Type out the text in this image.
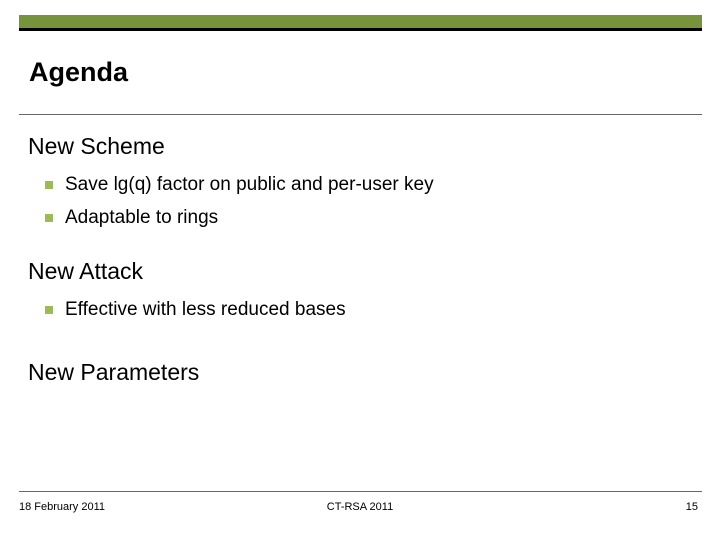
Agenda
New Scheme
Save lg(q) factor on public and per-user key
Adaptable to rings
New Attack
Effective with less reduced bases
New Parameters
18 February 2011	CT-RSA 2011	15
